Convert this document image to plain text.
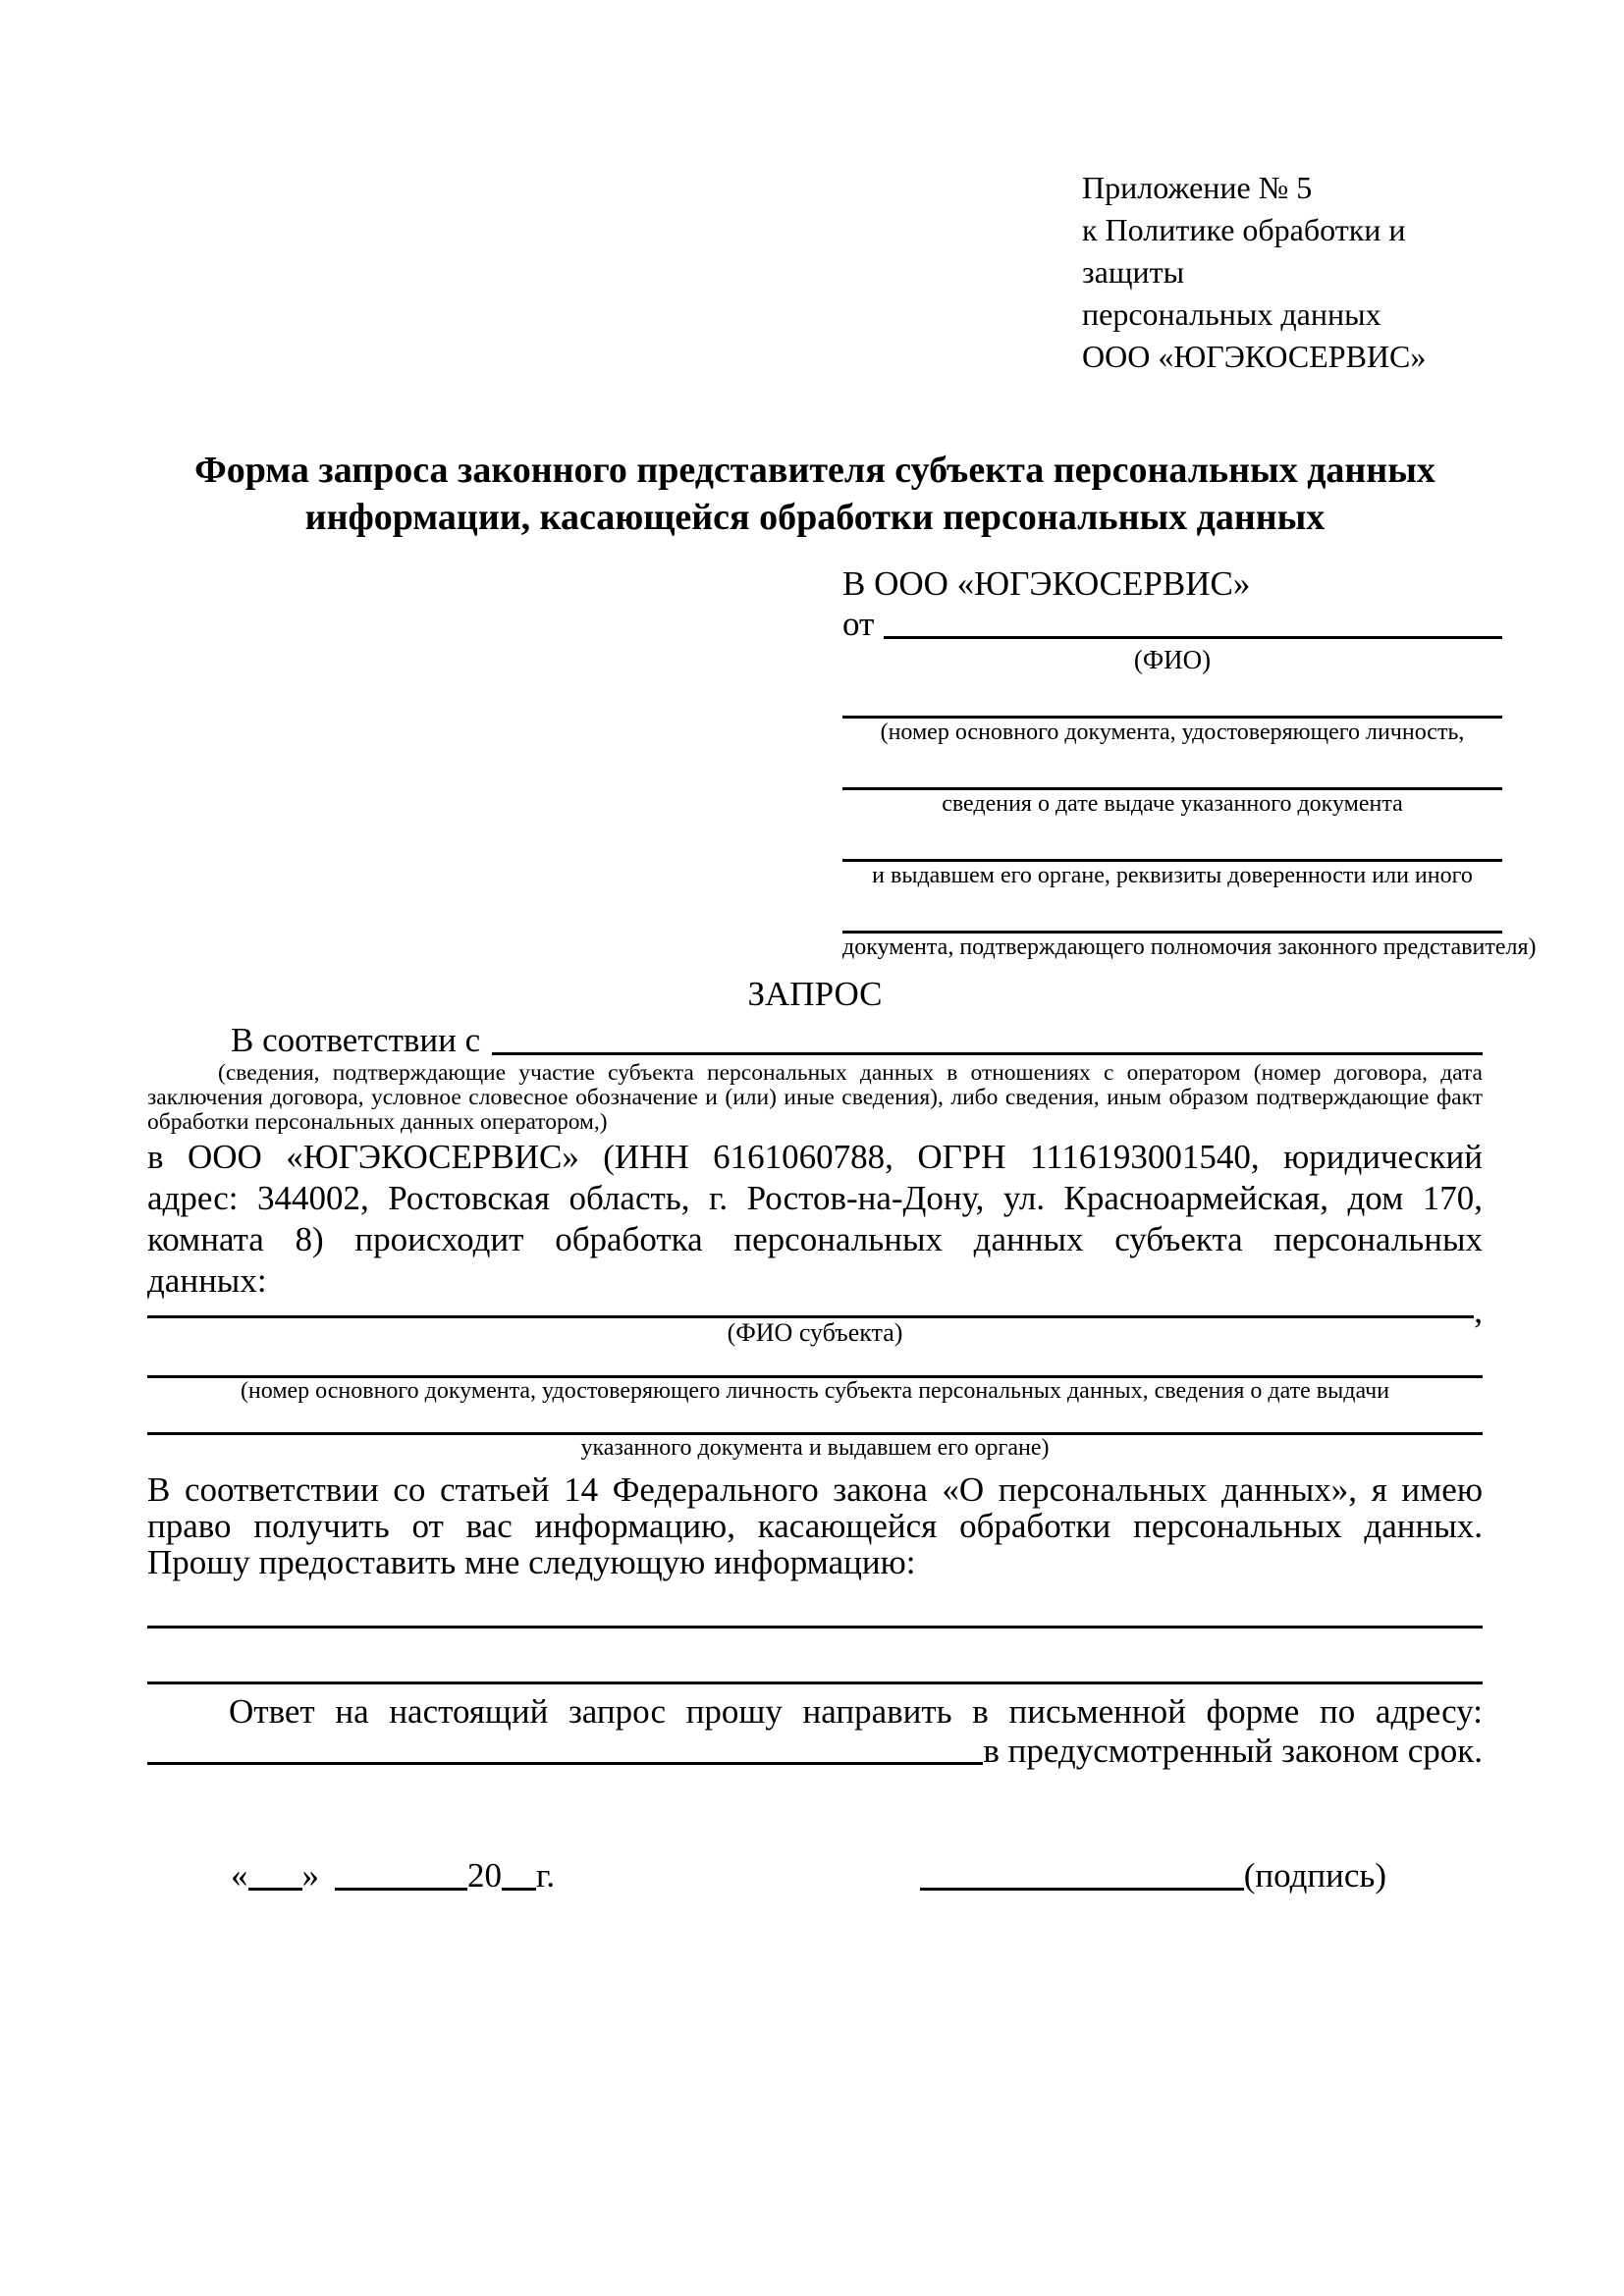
Приложение № 5
к Политике обработки и защиты
персональных данных
ООО «ЮГЭКОСЕРВИС»
Форма запроса законного представителя субъекта персональных данных
информации, касающейся обработки персональных данных
В ООО «ЮГЭКОСЕРВИС»
от
(ФИО)
(номер основного документа, удостоверяющего личность,
сведения о дате выдаче указанного документа
и выдавшем его органе, реквизиты доверенности или иного
документа, подтверждающего полномочия законного представителя)
ЗАПРОС
В соответствии с
(сведения, подтверждающие участие субъекта персональных данных в отношениях с оператором (номер договора, дата заключения договора, условное словесное обозначение и (или) иные сведения), либо сведения, иным образом подтверждающие факт обработки персональных данных оператором,)
в ООО «ЮГЭКОСЕРВИС» (ИНН 6161060788, ОГРН 1116193001540, юридический адрес: 344002, Ростовская область, г. Ростов-на-Дону, ул. Красноармейская, дом 170, комната 8) происходит обработка персональных данных субъекта персональных данных:
,
(ФИО субъекта)
(номер основного документа, удостоверяющего личность субъекта персональных данных, сведения о дате выдачи
указанного документа и выдавшем его органе)
В соответствии со статьей 14 Федерального закона «О персональных данных», я имею право получить от вас информацию, касающейся обработки персональных данных. Прошу предоставить мне следующую информацию:
Ответ на настоящий запрос прошу направить в письменной форме по адресу:
в предусмотренный законом срок.
« »	20 г.	(подпись)
